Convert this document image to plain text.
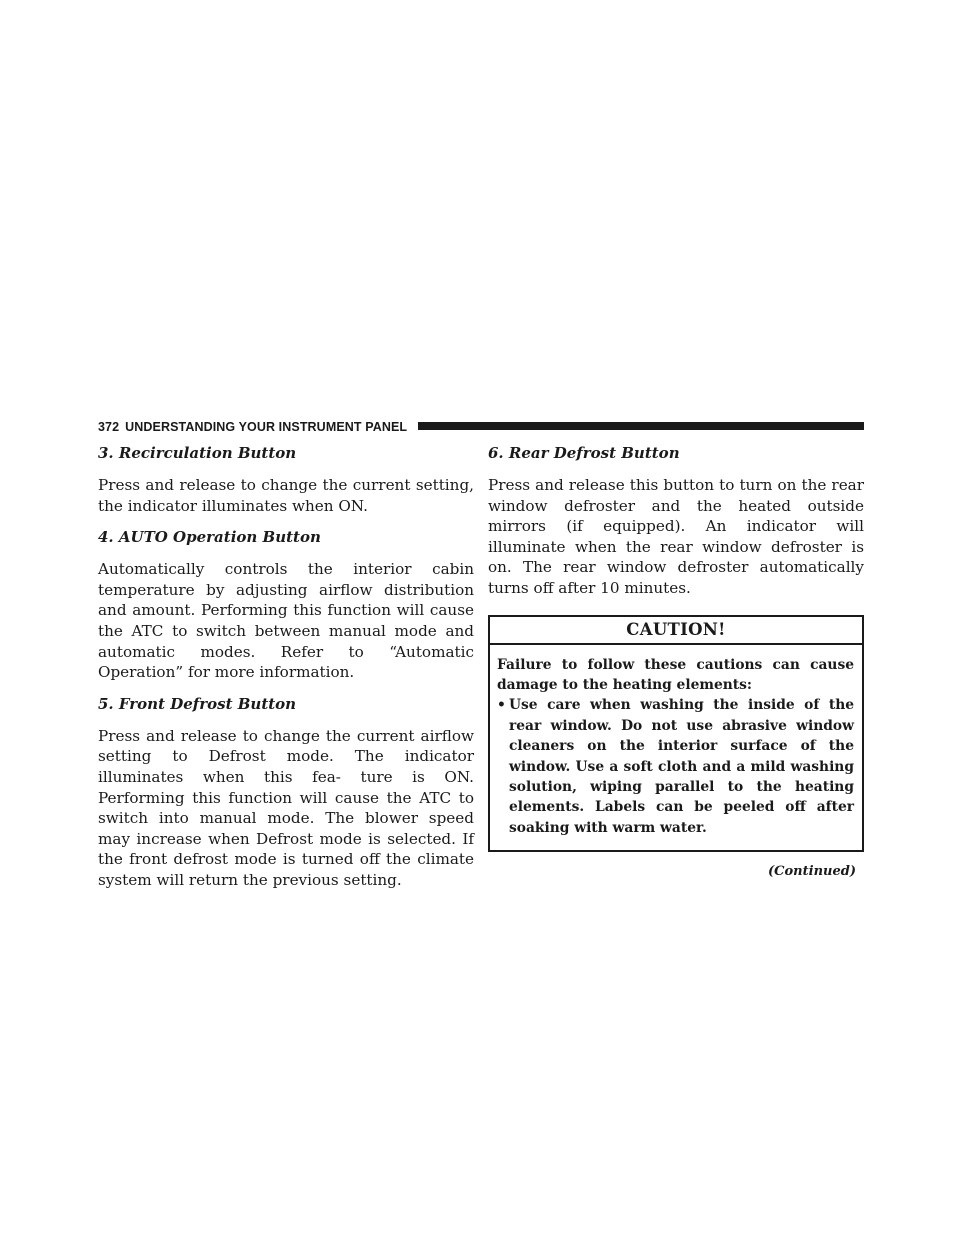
372 UNDERSTANDING YOUR INSTRUMENT PANEL
3. Recirculation Button

Press and release to change the current setting, the indicator illuminates when ON.

4. AUTO Operation Button

Automatically controls the interior cabin temperature by adjusting airflow distribution and amount. Performing this function will cause the ATC to switch between manual mode and automatic modes. Refer to “Automatic Operation” for more information.

5. Front Defrost Button

Press and release to change the current airflow setting to Defrost mode. The indicator illuminates when this fea- ture is ON. Performing this function will cause the ATC to switch into manual mode. The blower speed may increase when Defrost mode is selected. If the front defrost mode is turned off the climate system will return the previous setting.

6. Rear Defrost Button

Press and release this button to turn on the rear window defroster and the heated outside mirrors (if equipped). An indicator will illuminate when the rear window defroster is on. The rear window defroster automatically turns off after 10 minutes.

CAUTION!

Failure to follow these cautions can cause damage to the heating elements:

• Use care when washing the inside of the rear window. Do not use abrasive window cleaners on the interior surface of the window. Use a soft cloth and a mild washing solution, wiping parallel to the heating elements. Labels can be peeled off after soaking with warm water.
(Continued)
